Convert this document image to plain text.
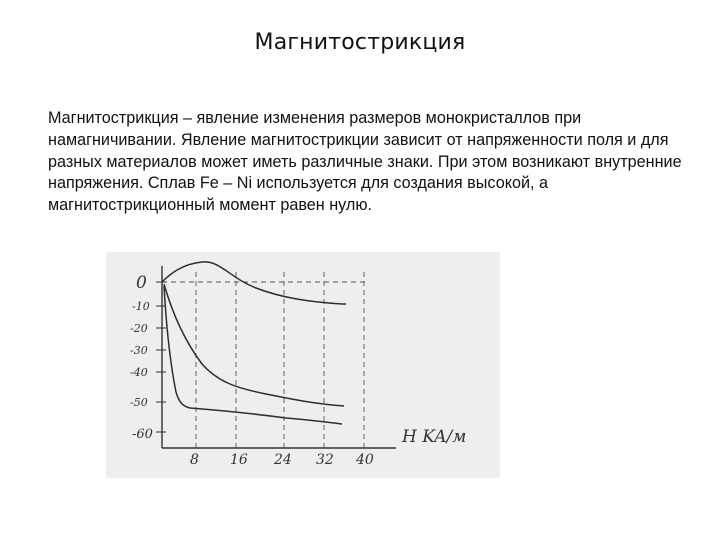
Магнитострикция
Магнитострикция – явление изменения размеров монокристаллов при намагничивании. Явление магнитострикции зависит от напряженности поля и для разных материалов может иметь различные знаки. При этом возникают внутренние напряжения. Сплав Fe – Ni используется для создания высокой, а магнитострикционный момент равен нулю.
0
-10
-20
-30
-40
-50
-60
8 16 24 32 40
H KA/м
